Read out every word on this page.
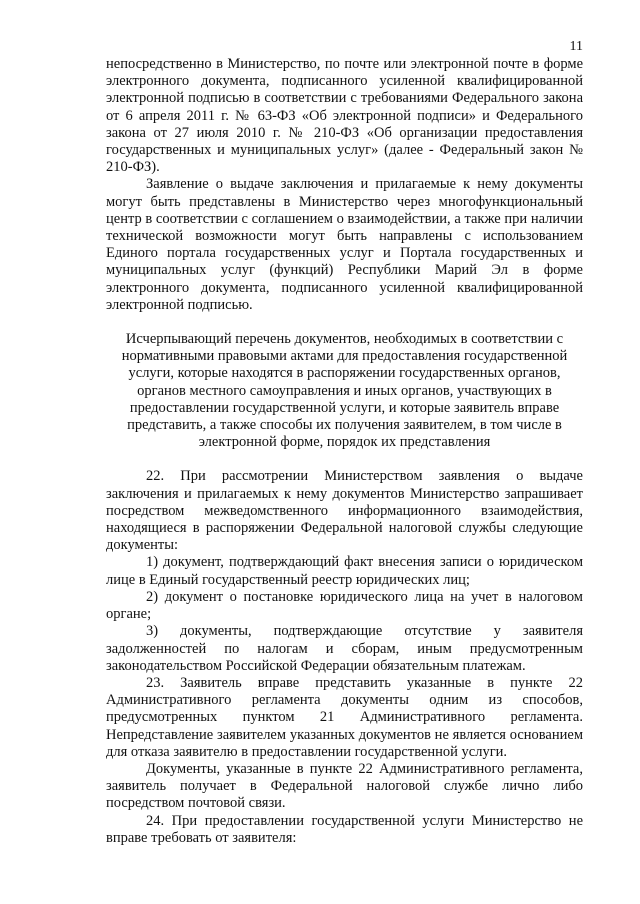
11

непосредственно в Министерство, по почте или электронной почте в форме электронного документа, подписанного усиленной квалифицированной электронной подписью в соответствии с требованиями Федерального закона от 6 апреля 2011 г. № 63-ФЗ «Об электронной подписи» и Федерального закона от 27 июля 2010 г. № 210-ФЗ «Об организации предоставления государственных и муниципальных услуг» (далее - Федеральный закон № 210-ФЗ).

Заявление о выдаче заключения и прилагаемые к нему документы могут быть представлены в Министерство через многофункциональный центр в соответствии с соглашением о взаимодействии, а также при наличии технической возможности могут быть направлены с использованием Единого портала государственных услуг и Портала государственных и муниципальных услуг (функций) Республики Марий Эл в форме электронного документа, подписанного усиленной квалифицированной электронной подписью.

Исчерпывающий перечень документов, необходимых в соответствии с
нормативными правовыми актами для предоставления государственной
услуги, которые находятся в распоряжении государственных органов,
органов местного самоуправления и иных органов, участвующих в
предоставлении государственной услуги, и которые заявитель вправе
представить, а также способы их получения заявителем, в том числе в
электронной форме, порядок их представления

22. При рассмотрении Министерством заявления о выдаче заключения и прилагаемых к нему документов Министерство запрашивает посредством межведомственного информационного взаимодействия, находящиеся в распоряжении Федеральной налоговой службы следующие документы:

1) документ, подтверждающий факт внесения записи о юридическом лице в Единый государственный реестр юридических лиц;

2) документ о постановке юридического лица на учет в налоговом органе;

3) документы, подтверждающие отсутствие у заявителя задолженностей по налогам и сборам, иным предусмотренным законодательством Российской Федерации обязательным платежам.

23. Заявитель вправе представить указанные в пункте 22 Административного регламента документы одним из способов, предусмотренных пунктом 21 Административного регламента. Непредставление заявителем указанных документов не является основанием для отказа заявителю в предоставлении государственной услуги.

Документы, указанные в пункте 22 Административного регламента, заявитель получает в Федеральной налоговой службе лично либо посредством почтовой связи.

24. При предоставлении государственной услуги Министерство не вправе требовать от заявителя:
